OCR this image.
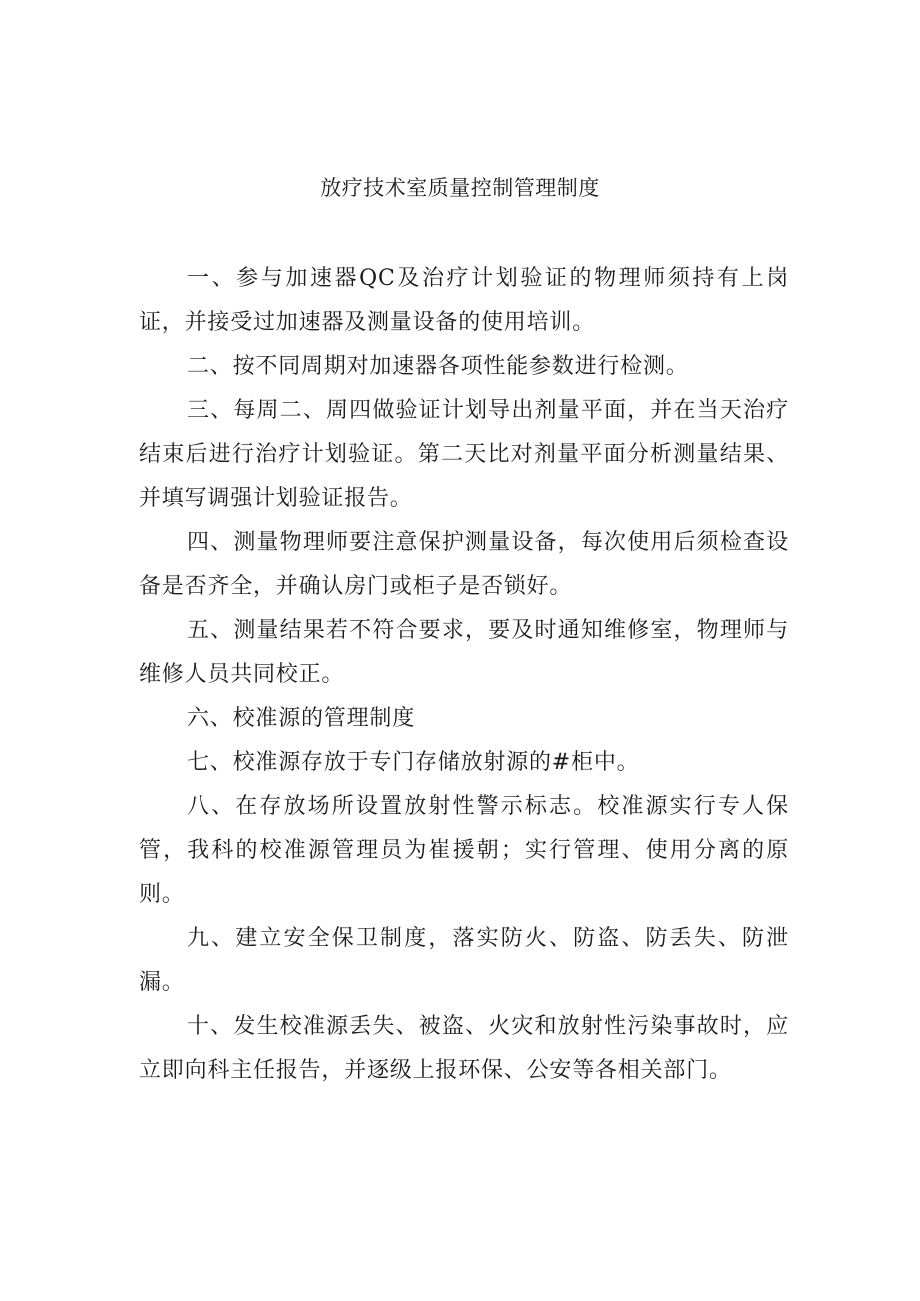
放疗技术室质量控制管理制度

一、参与加速器QC及治疗计划验证的物理师须持有上岗证，并接受过加速器及测量设备的使用培训。

二、按不同周期对加速器各项性能参数进行检测。

三、每周二、周四做验证计划导出剂量平面，并在当天治疗结束后进行治疗计划验证。第二天比对剂量平面分析测量结果、并填写调强计划验证报告。

四、测量物理师要注意保护测量设备，每次使用后须检查设备是否齐全，并确认房门或柜子是否锁好。

五、测量结果若不符合要求，要及时通知维修室，物理师与维修人员共同校正。

六、校准源的管理制度

七、校准源存放于专门存储放射源的#柜中。

八、在存放场所设置放射性警示标志。校准源实行专人保管，我科的校准源管理员为崔援朝；实行管理、使用分离的原则。

九、建立安全保卫制度，落实防火、防盗、防丢失、防泄漏。

十、发生校准源丢失、被盗、火灾和放射性污染事故时，应立即向科主任报告，并逐级上报环保、公安等各相关部门。
